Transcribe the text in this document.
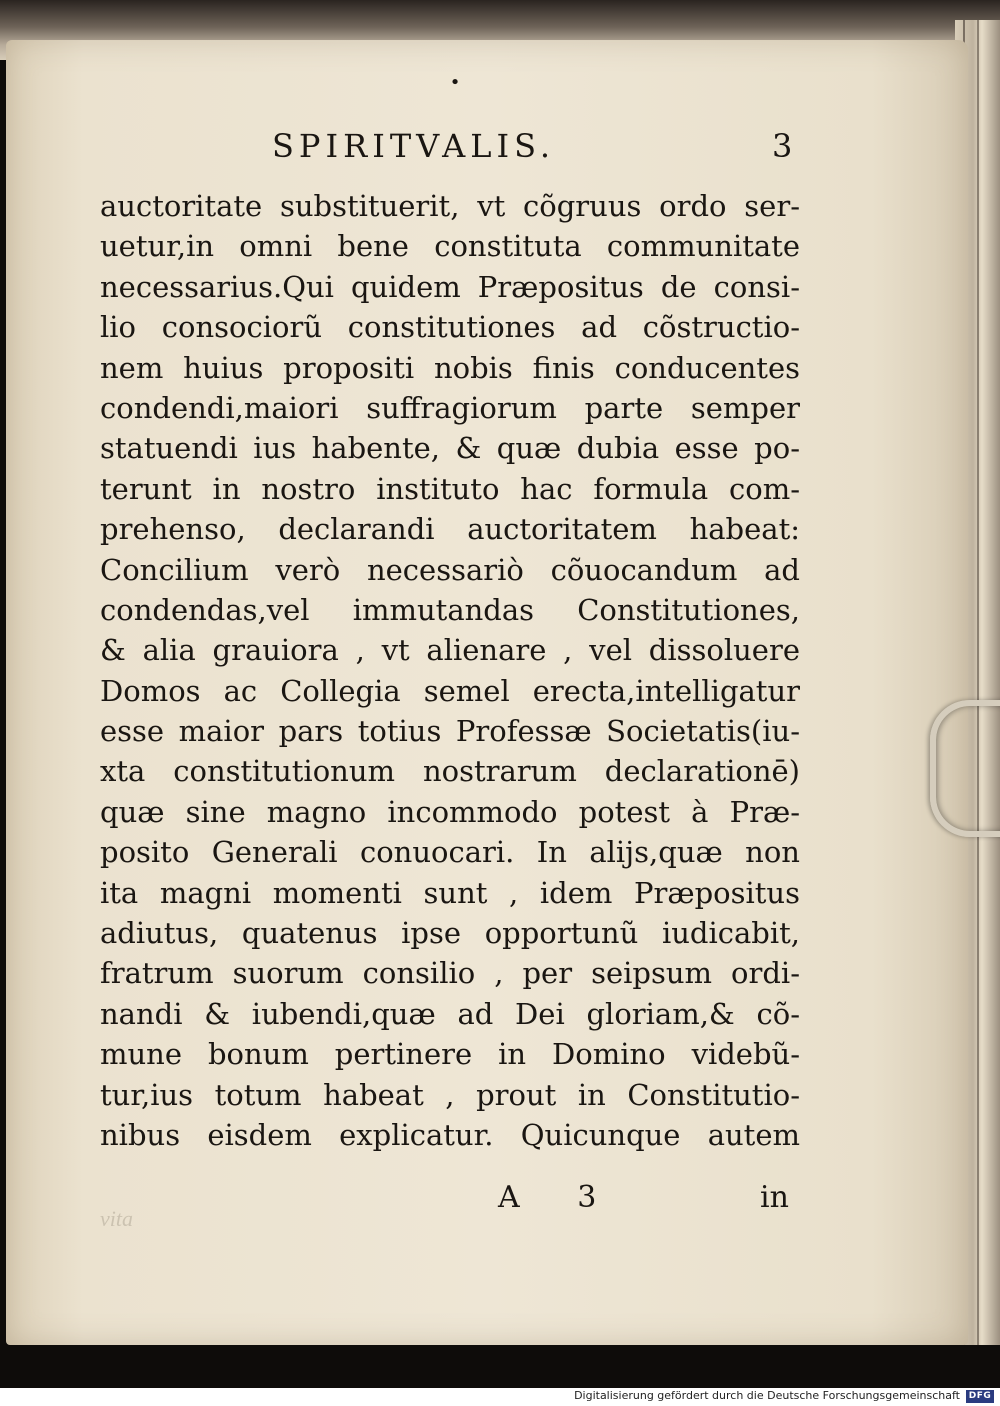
•
SPIRITVALIS.	3
auctoritate substituerit, vt cõgruus ordo ser-
uetur,in omni bene constituta communitate
necessarius.Qui quidem Præpositus de consi-
lio consociorũ constitutiones ad cõstructio-
nem huius propositi nobis finis conducentes
condendi,maiori suffragiorum parte semper
statuendi ius habente, & quæ dubia esse po-
terunt in nostro instituto hac formula com-
prehenso, declarandi auctoritatem habeat:
Concilium verò necessariò cõuocandum ad
condendas,vel immutandas Constitutiones,
& alia grauiora , vt alienare , vel dissoluere
Domos ac Collegia semel erecta,intelligatur
esse maior pars totius Professæ Societatis(iu-
xta constitutionum nostrarum declarationē)
quæ sine magno incommodo potest à Præ-
posito Generali conuocari. In alijs,quæ non
ita magni momenti sunt , idem Præpositus
adiutus, quatenus ipse opportunũ iudicabit,
fratrum suorum consilio , per seipsum ordi-
nandi & iubendi,quæ ad Dei gloriam,& cõ-
mune bonum pertinere in Domino videbũ-
tur,ius totum habeat , prout in Constitutio-
nibus eisdem explicatur. Quicunque autem
vita
A 3	in
Digitalisierung gefördert durch die Deutsche Forschungsgemeinschaft DFG
